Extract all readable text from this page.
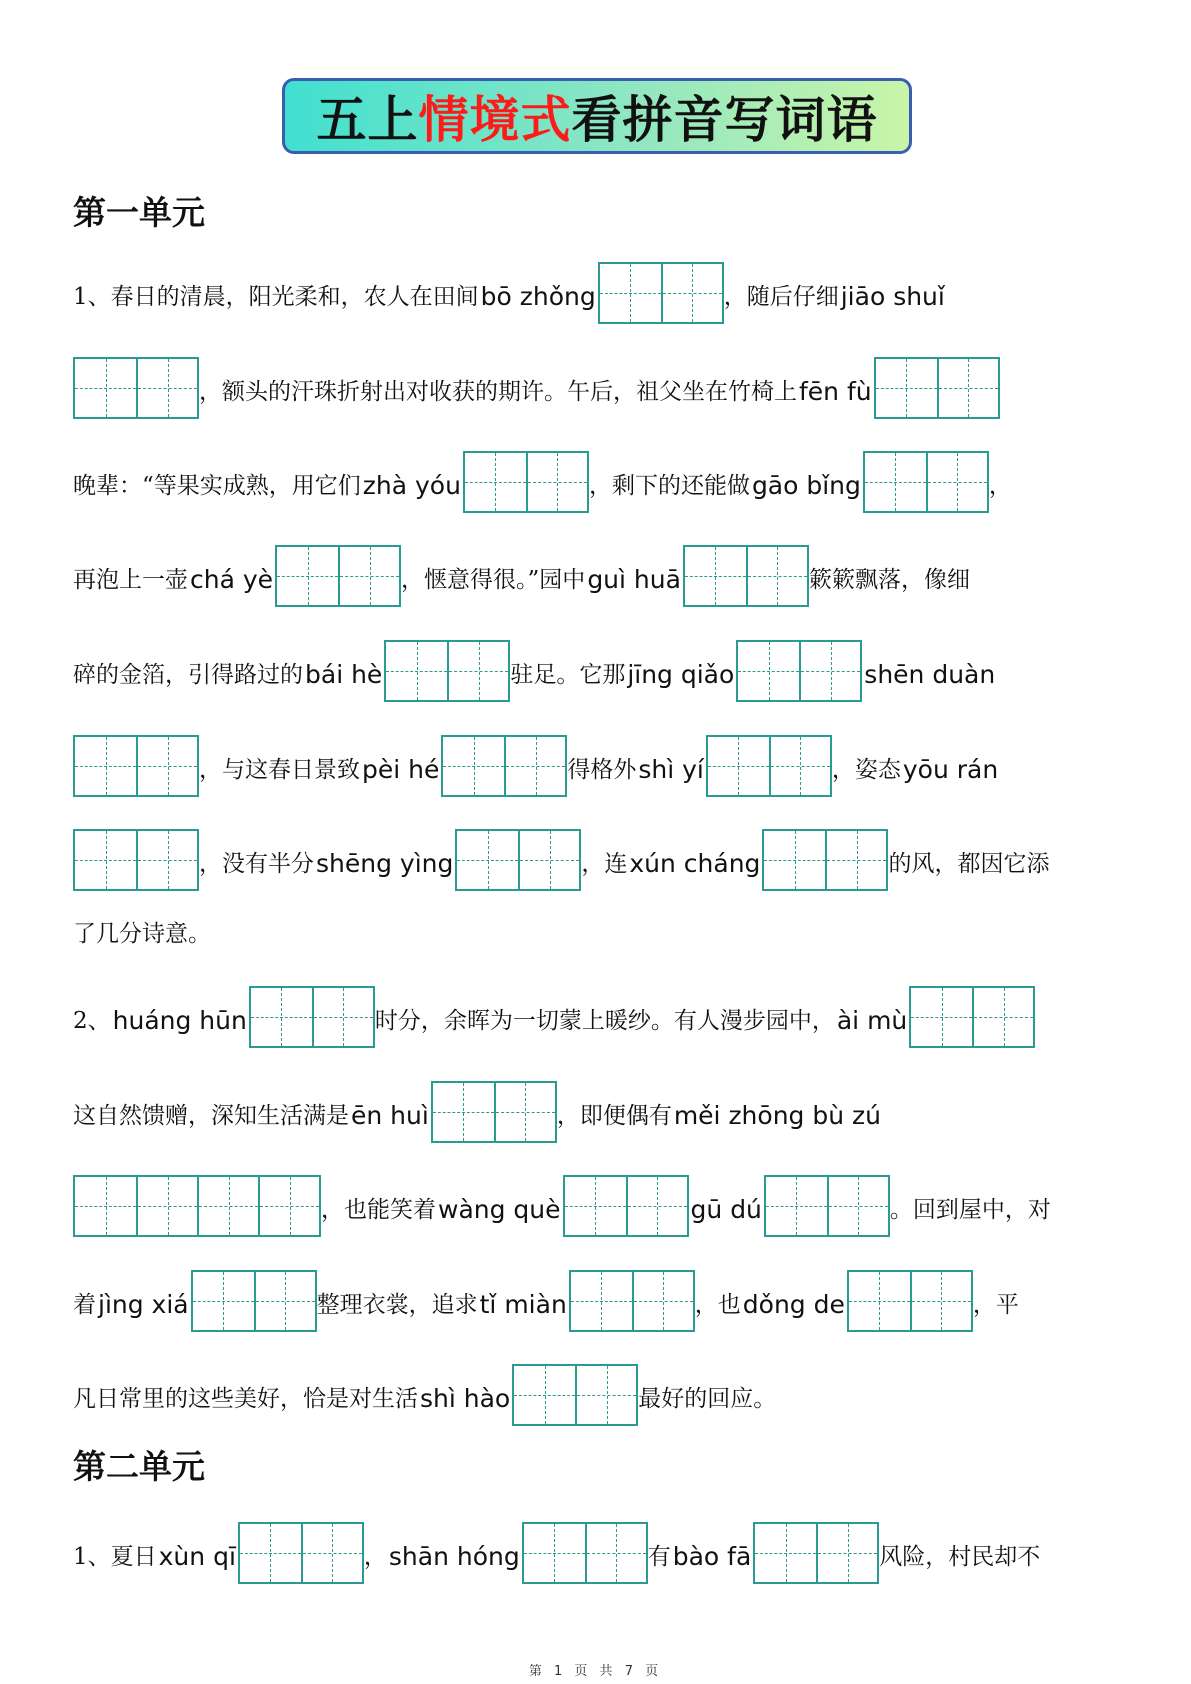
五上 情境式 看拼音写词语
第一单元
第二单元
1、春日的清晨，阳光柔和，农人在田间 bō zhǒng	，随后仔细 jiāo shuǐ
，额头的汗珠折射出对收获的期许。午后，祖父坐在竹椅上 fēn fù
晚辈：“等果实成熟，用它们 zhà yóu	，剩下的还能做 gāo bǐng	，
再泡上一壶 chá yè	，惬意得很。”园中 guì huā	簌簌飘落，像细
碎的金箔，引得路过的 bái hè	驻足。它那 jīng qiǎo	shēn duàn
，与这春日景致 pèi hé	得格外 shì yí	，姿态 yōu rán
，没有半分 shēng yìng	，连 xún cháng	的风，都因它添
了几分诗意。
2、 huáng hūn	时分，余晖为一切蒙上暖纱。有人漫步园中， ài mù
这自然馈赠，深知生活满是 ēn huì	，即便偶有 měi zhōng bù zú
，也能笑着 wàng què	gū dú	。回到屋中，对
着 jìng xiá	整理衣裳，追求 tǐ miàn	，也 dǒng de	，平
凡日常里的这些美好，恰是对生活 shì hào	最好的回应。
1、夏日 xùn qī	， shān hóng	有 bào fā	风险，村民却不
第 1 页 共 7 页
